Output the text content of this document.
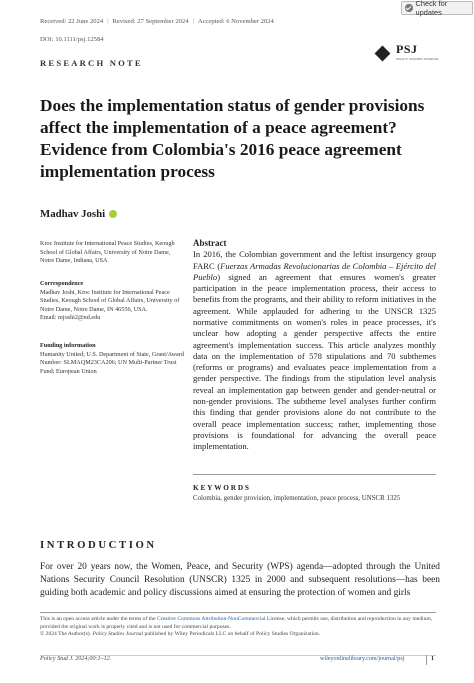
Check for updates
Received: 22 June 2024 | Revised: 27 September 2024 | Accepted: 6 November 2024
DOI: 10.1111/psj.12584
RESEARCH NOTE
PSJ
POLICY STUDIES JOURNAL
Does the implementation status of gender provisions affect the implementation of a peace agreement? Evidence from Colombia's 2016 peace agreement implementation process
Madhav Joshi
Kroc Institute for International Peace Studies, Keough School of Global Affairs, University of Notre Dame, Notre Dame, Indiana, USA
Correspondence
Madhav Joshi, Kroc Institute for International Peace Studies, Keough School of Global Affairs, University of Notre Dame, Notre Dame, IN 46556, USA.
Email: mjoshi2@nd.edu
Funding information
Humanity United; U.S. Department of State, Grant/Award Number: SLMAQM23CA206; UN Multi-Partner Trust Fund; European Union
Abstract

In 2016, the Colombian government and the leftist insurgency group FARC (Fuerzas Armadas Revolucionarias de Colombia – Ejército del Pueblo) signed an agreement that ensures women's greater participation in the peace implementation process, their access to benefits from the programs, and their ability to reform initiatives in the agreement. While applauded for adhering to the UNSCR 1325 normative commitments on women's roles in peace processes, it's unclear how adopting a gender perspective affects the entire agreement's implementation success. This article analyzes monthly data on the implementation of 578 stipulations and 70 subthemes (reforms or programs) and evaluates peace implementation from a gender perspective. The findings from the stipulation level analysis reveal an implementation gap between gender and gender-neutral or non-gender provisions. The subtheme level analyses further confirm this finding that gender provisions alone do not contribute to the overall peace implementation success; rather, implementing those provisions is foundational for advancing the overall peace implementation.

KEYWORDS
Colombia, gender provision, implementation, peace process, UNSCR 1325
INTRODUCTION

For over 20 years now, the Women, Peace, and Security (WPS) agenda—adopted through the United Nations Security Council Resolution (UNSCR) 1325 in 2000 and subsequent resolutions—has been guiding both academic and policy discussions aimed at ensuring the protection of women and girls

This is an open access article under the terms of the Creative Commons Attribution-NonCommercial License, which permits use, distribution and reproduction in any medium, provided the original work is properly cited and is not used for commercial purposes.
© 2024 The Author(s). Policy Studies Journal published by Wiley Periodicals LLC on behalf of Policy Studies Organization.
Policy Stud J. 2024;00:1–12.	wileyonlinelibrary.com/journal/psj	1
